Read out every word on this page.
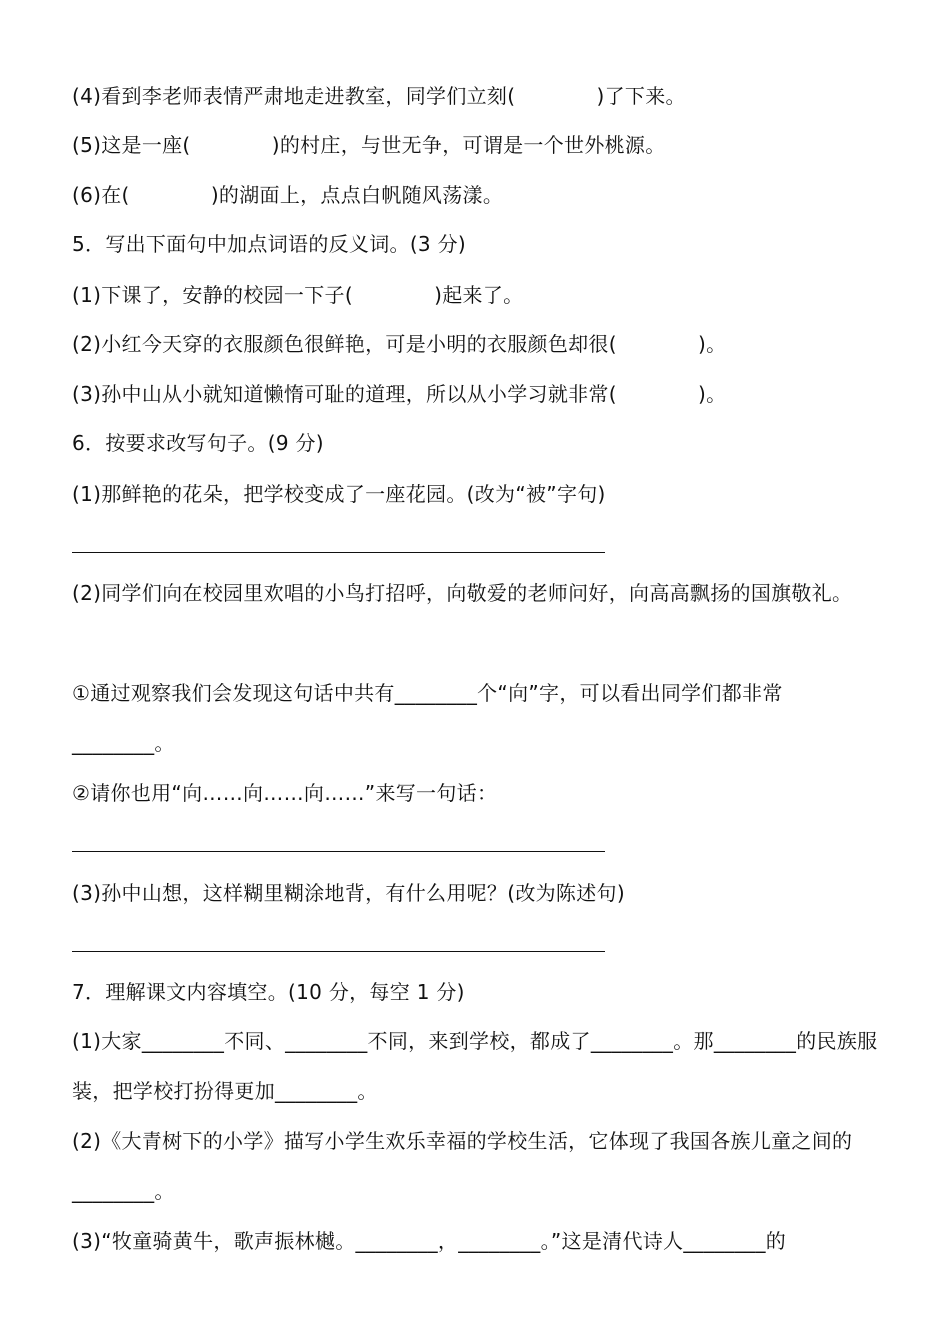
(4)看到李老师表情严肃地走进教室，同学们立刻(　　　　)了下来。
(5)这是一座(　　　　)的村庄，与世无争，可谓是一个世外桃源。
(6)在(　　　　)的湖面上，点点白帆随风荡漾。
5．写出下面句中加点词语的反义词。(3 分)
(1)下课了，安静的校园一下子(　　　　)起来了。
(2)小红今天穿的衣服颜色很鲜艳，可是小明的衣服颜色却很(　　　　)。
(3)孙中山从小就知道懒惰可耻的道理，所以从小学习就非常(　　　　)。
6．按要求改写句子。(9 分)
(1)那鲜艳的花朵，把学校变成了一座花园。(改为“被”字句)
(2)同学们向在校园里欢唱的小鸟打招呼，向敬爱的老师问好，向高高飘扬的国旗敬礼。
①通过观察我们会发现这句话中共有________个“向”字，可以看出同学们都非常________。
②请你也用“向……向……向……”来写一句话：
(3)孙中山想，这样糊里糊涂地背，有什么用呢？(改为陈述句)
7．理解课文内容填空。(10 分，每空 1 分)
(1)大家________不同、________不同，来到学校，都成了________。那________的民族服装，把学校打扮得更加________。
(2)《大青树下的小学》描写小学生欢乐幸福的学校生活，它体现了我国各族儿童之间的________。
(3)“牧童骑黄牛，歌声振林樾。________，________。”这是清代诗人________的
